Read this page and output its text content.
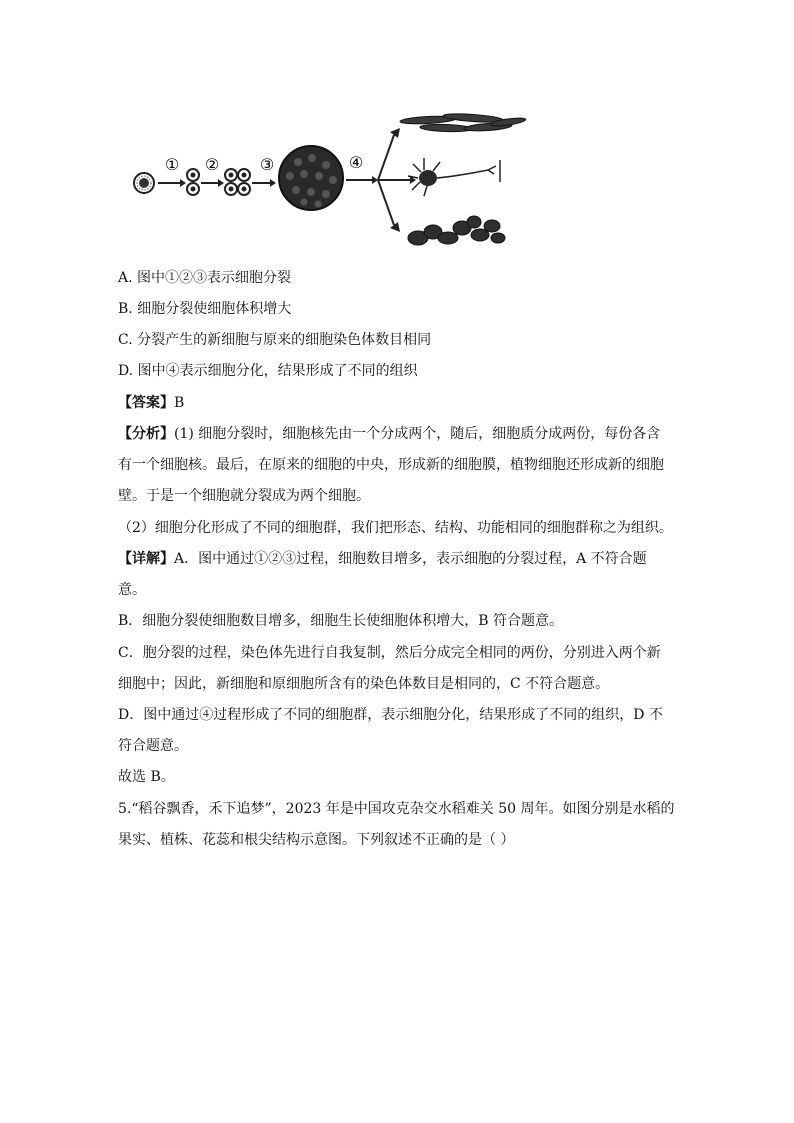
① ②	③	④
A. 图中①②③表示细胞分裂
B. 细胞分裂使细胞体积增大
C. 分裂产生的新细胞与原来的细胞染色体数目相同
D. 图中④表示细胞分化，结果形成了不同的组织
【答案】B
【分析】(1) 细胞分裂时，细胞核先由一个分成两个，随后，细胞质分成两份，每份各含
有一个细胞核。最后，在原来的细胞的中央，形成新的细胞膜，植物细胞还形成新的细胞
壁。于是一个细胞就分裂成为两个细胞。
（2）细胞分化形成了不同的细胞群，我们把形态、结构、功能相同的细胞群称之为组织。
【详解】A．图中通过①②③过程，细胞数目增多，表示细胞的分裂过程，A 不符合题
意。
B．细胞分裂使细胞数目增多，细胞生长使细胞体积增大，B 符合题意。
C．胞分裂的过程，染色体先进行自我复制，然后分成完全相同的两份，分别进入两个新
细胞中；因此，新细胞和原细胞所含有的染色体数目是相同的，C 不符合题意。
D．图中通过④过程形成了不同的细胞群，表示细胞分化，结果形成了不同的组织，D 不
符合题意。
故选 B。
5.“稻谷飘香，禾下追梦”，2023 年是中国攻克杂交水稻难关 50 周年。如图分别是水稻的
果实、植株、花蕊和根尖结构示意图。下列叙述不正确的是（ ）
